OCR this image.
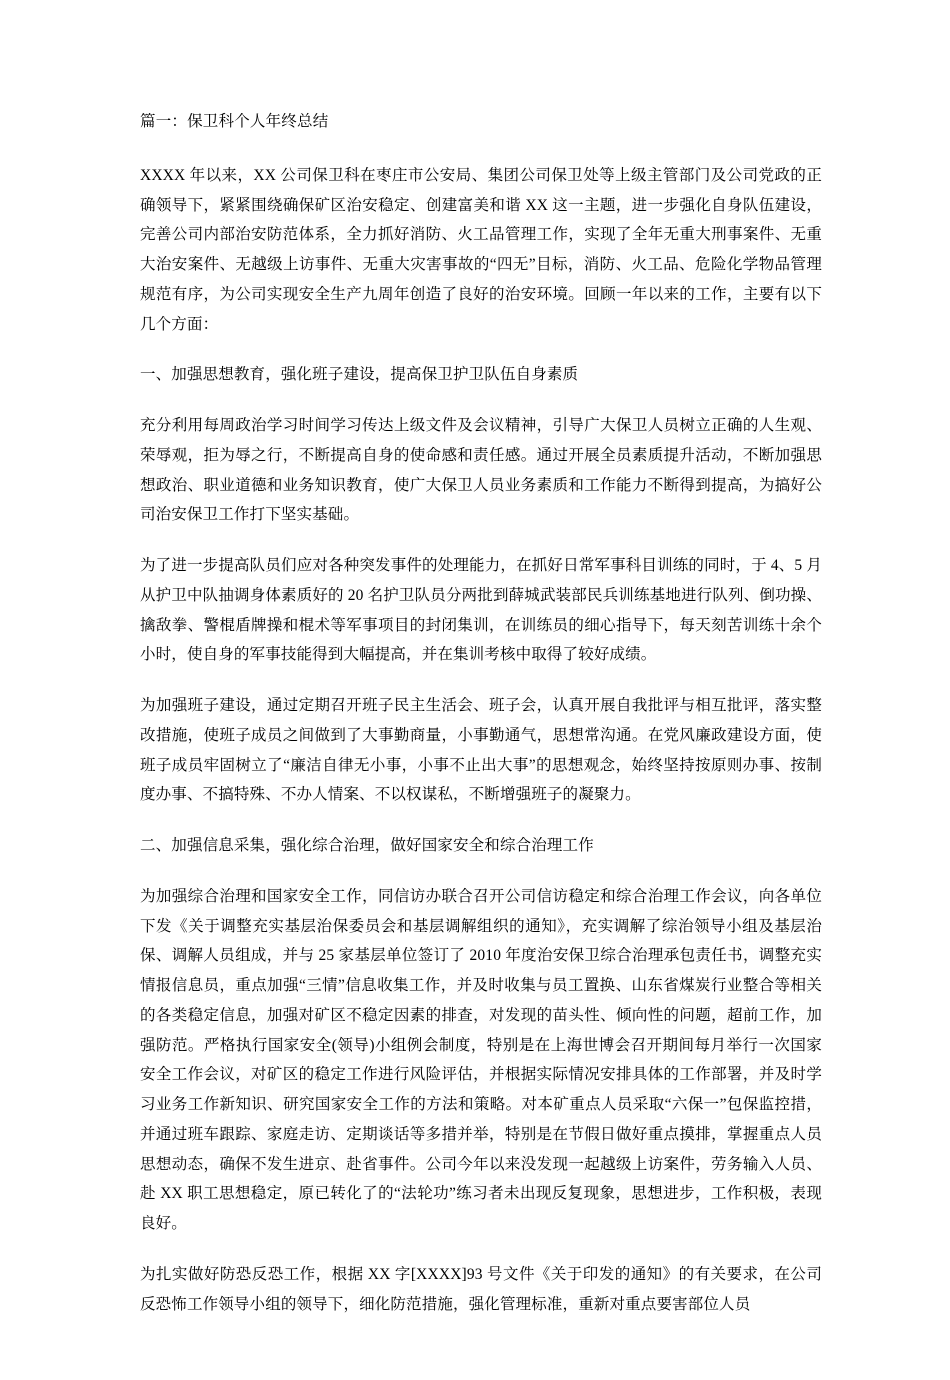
篇一：保卫科个人年终总结

XXXX 年以来，XX 公司保卫科在枣庄市公安局、集团公司保卫处等上级主管部门及公司党政的正确领导下，紧紧围绕确保矿区治安稳定、创建富美和谐 XX 这一主题，进一步强化自身队伍建设，完善公司内部治安防范体系，全力抓好消防、火工品管理工作，实现了全年无重大刑事案件、无重大治安案件、无越级上访事件、无重大灾害事故的“四无”目标，消防、火工品、危险化学物品管理规范有序，为公司实现安全生产九周年创造了良好的治安环境。回顾一年以来的工作，主要有以下几个方面：

一、加强思想教育，强化班子建设，提高保卫护卫队伍自身素质

充分利用每周政治学习时间学习传达上级文件及会议精神，引导广大保卫人员树立正确的人生观、荣辱观，拒为辱之行，不断提高自身的使命感和责任感。通过开展全员素质提升活动，不断加强思想政治、职业道德和业务知识教育，使广大保卫人员业务素质和工作能力不断得到提高，为搞好公司治安保卫工作打下坚实基础。

为了进一步提高队员们应对各种突发事件的处理能力，在抓好日常军事科目训练的同时，于 4、5 月从护卫中队抽调身体素质好的 20 名护卫队员分两批到薛城武装部民兵训练基地进行队列、倒功操、擒敌拳、警棍盾牌操和棍术等军事项目的封闭集训，在训练员的细心指导下，每天刻苦训练十余个小时，使自身的军事技能得到大幅提高，并在集训考核中取得了较好成绩。

为加强班子建设，通过定期召开班子民主生活会、班子会，认真开展自我批评与相互批评，落实整改措施，使班子成员之间做到了大事勤商量，小事勤通气，思想常沟通。在党风廉政建设方面，使班子成员牢固树立了“廉洁自律无小事，小事不止出大事”的思想观念，始终坚持按原则办事、按制度办事、不搞特殊、不办人情案、不以权谋私，不断增强班子的凝聚力。

二、加强信息采集，强化综合治理，做好国家安全和综合治理工作

为加强综合治理和国家安全工作，同信访办联合召开公司信访稳定和综合治理工作会议，向各单位下发《关于调整充实基层治保委员会和基层调解组织的通知》，充实调解了综治领导小组及基层治保、调解人员组成，并与 25 家基层单位签订了 2010 年度治安保卫综合治理承包责任书，调整充实情报信息员，重点加强“三情”信息收集工作，并及时收集与员工置换、山东省煤炭行业整合等相关的各类稳定信息，加强对矿区不稳定因素的排查，对发现的苗头性、倾向性的问题，超前工作，加强防范。严格执行国家安全(领导)小组例会制度，特别是在上海世博会召开期间每月举行一次国家安全工作会议，对矿区的稳定工作进行风险评估，并根据实际情况安排具体的工作部署，并及时学习业务工作新知识、研究国家安全工作的方法和策略。对本矿重点人员采取“六保一”包保监控措，并通过班车跟踪、家庭走访、定期谈话等多措并举，特别是在节假日做好重点摸排，掌握重点人员思想动态，确保不发生进京、赴省事件。公司今年以来没发现一起越级上访案件，劳务输入人员、赴 XX 职工思想稳定，原已转化了的“法轮功”练习者未出现反复现象，思想进步，工作积极，表现良好。

为扎实做好防恐反恐工作，根据 XX 字[XXXX]93 号文件《关于印发的通知》的有关要求，在公司反恐怖工作领导小组的领导下，细化防范措施，强化管理标准，重新对重点要害部位人员
